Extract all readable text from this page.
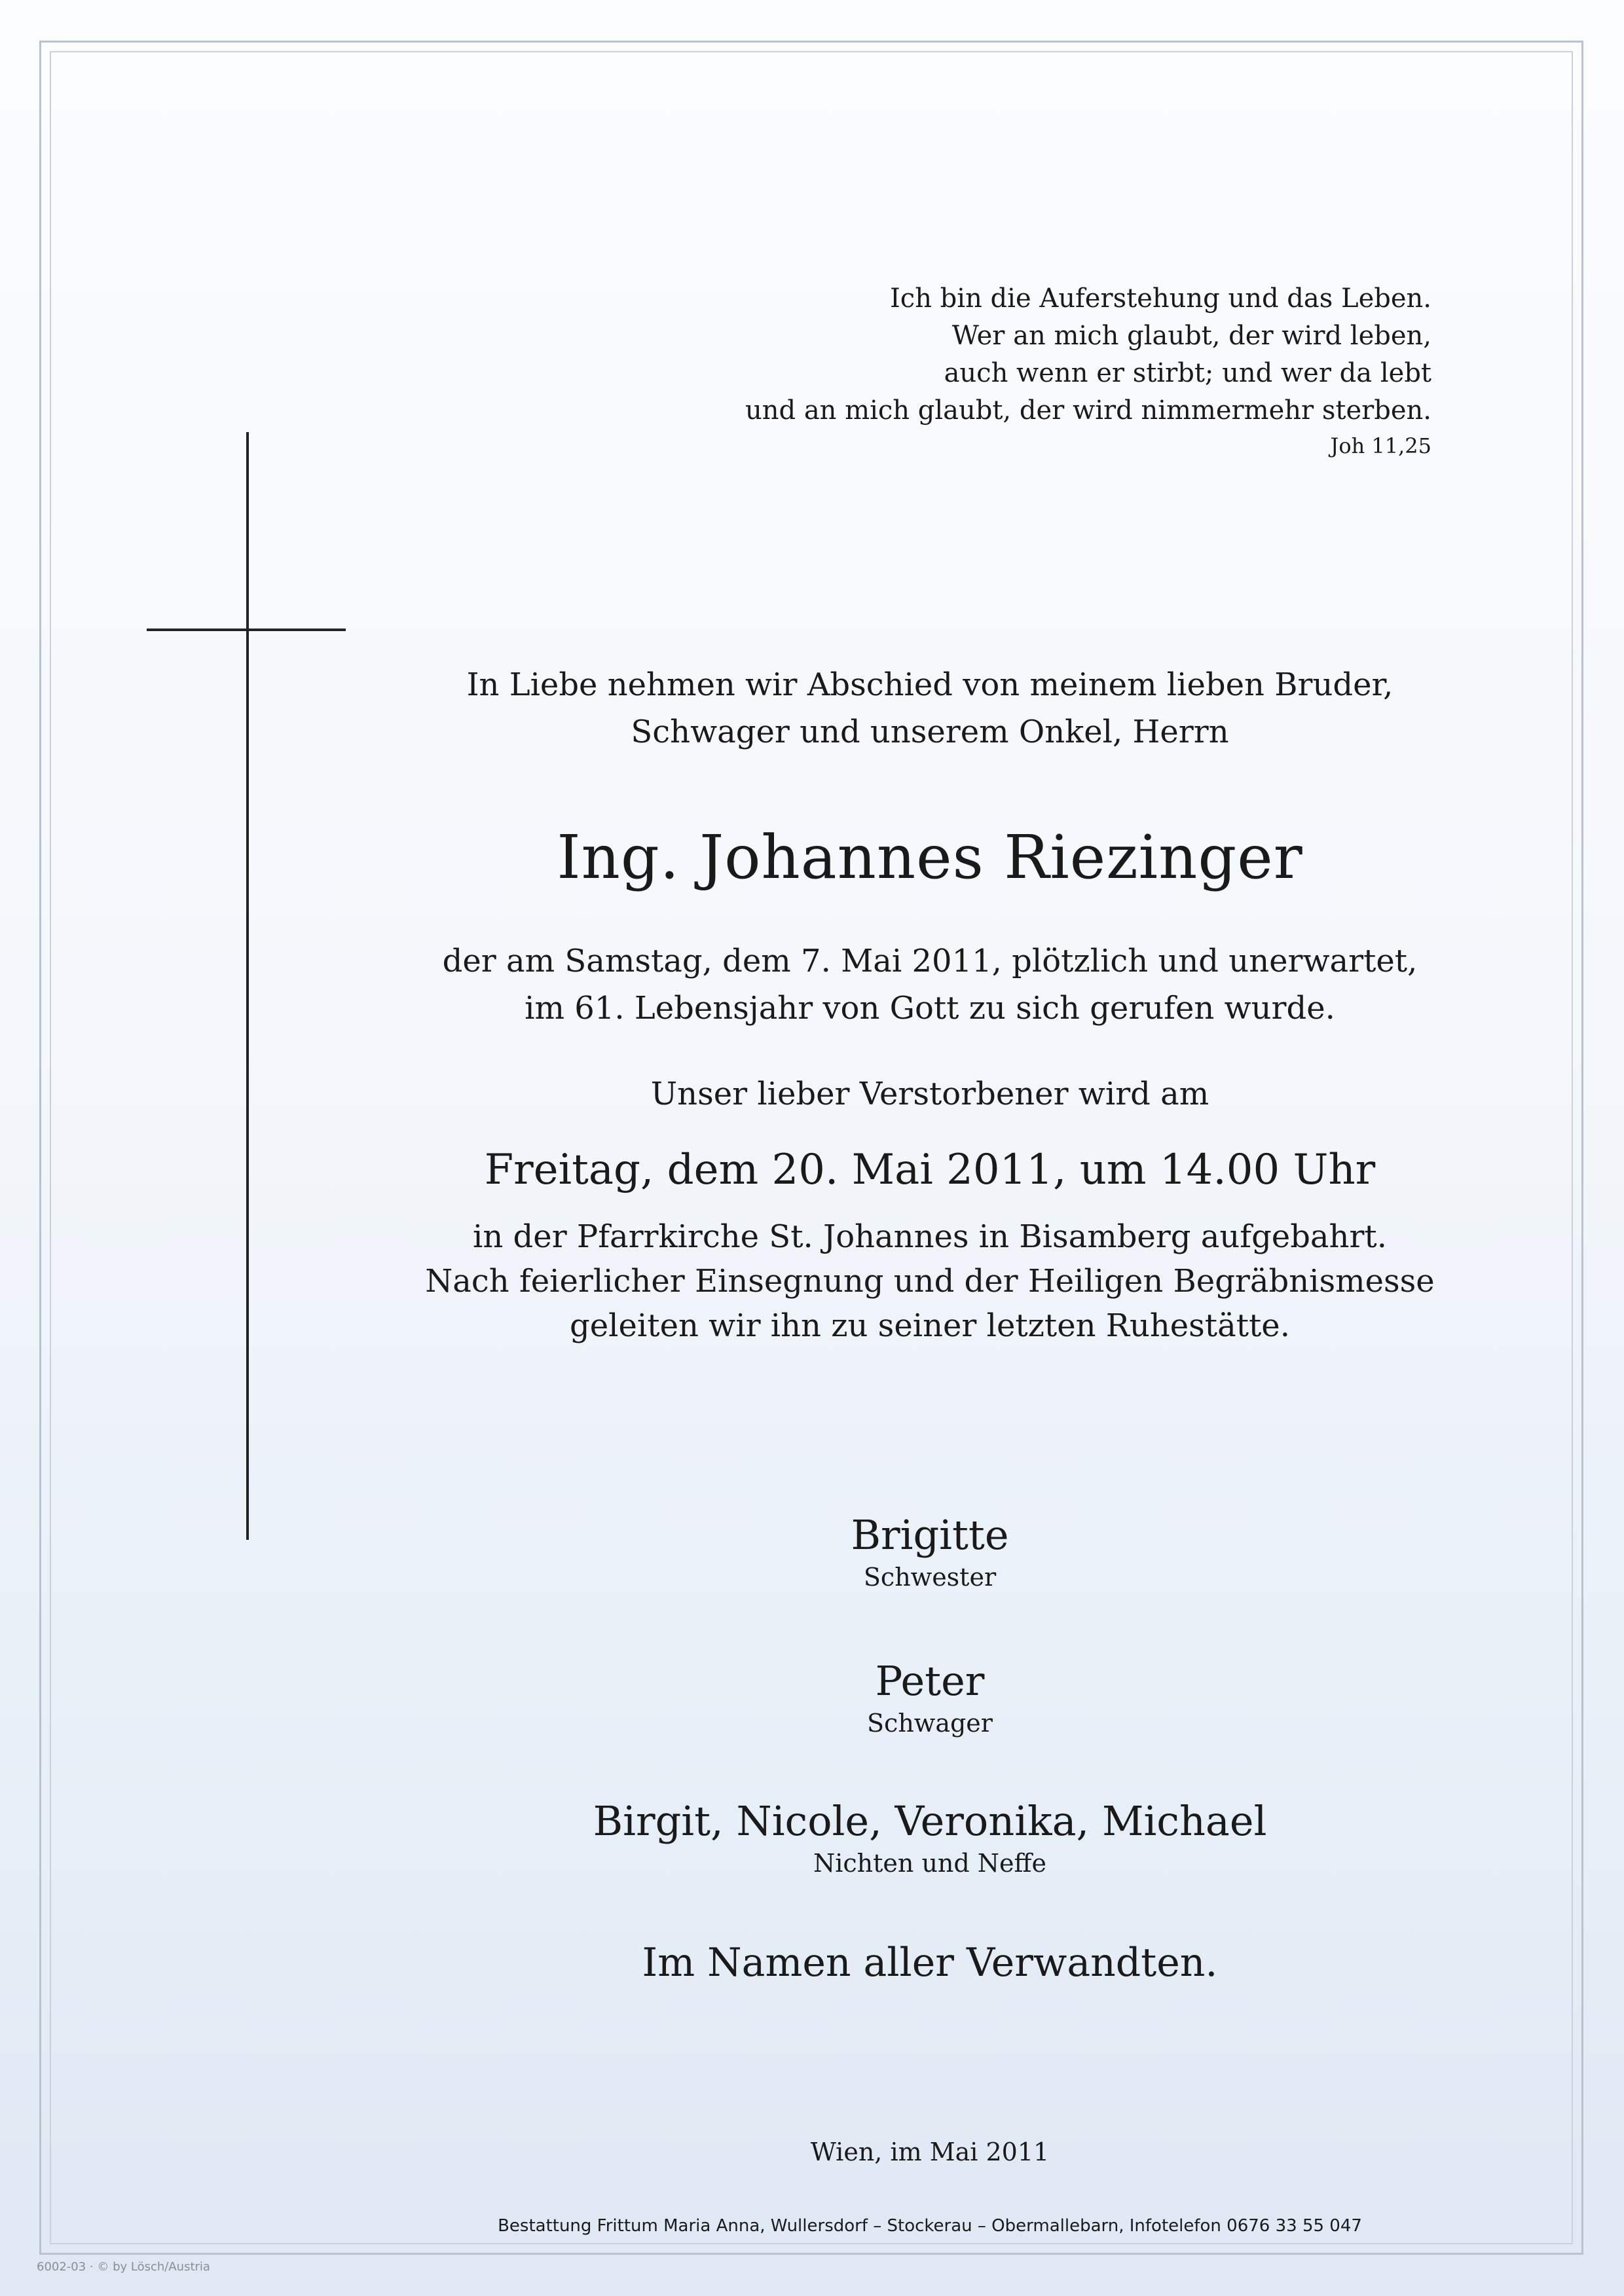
Ich bin die Auferstehung und das Leben.
Wer an mich glaubt, der wird leben,
auch wenn er stirbt; und wer da lebt
und an mich glaubt, der wird nimmermehr sterben.
Joh 11,25
In Liebe nehmen wir Abschied von meinem lieben Bruder,
Schwager und unserem Onkel, Herrn
Ing. Johannes Riezinger
der am Samstag, dem 7. Mai 2011, plötzlich und unerwartet,
im 61. Lebensjahr von Gott zu sich gerufen wurde.
Unser lieber Verstorbener wird am
Freitag, dem 20. Mai 2011, um 14.00 Uhr
in der Pfarrkirche St. Johannes in Bisamberg aufgebahrt.
Nach feierlicher Einsegnung und der Heiligen Begräbnismesse
geleiten wir ihn zu seiner letzten Ruhestätte.
Brigitte
Schwester
Peter
Schwager
Birgit, Nicole, Veronika, Michael
Nichten und Neffe
Im Namen aller Verwandten.
Wien, im Mai 2011
Bestattung Frittum Maria Anna, Wullersdorf – Stockerau – Obermallebarn, Infotelefon 0676 33 55 047
6002-03 · © by Lösch/Austria
